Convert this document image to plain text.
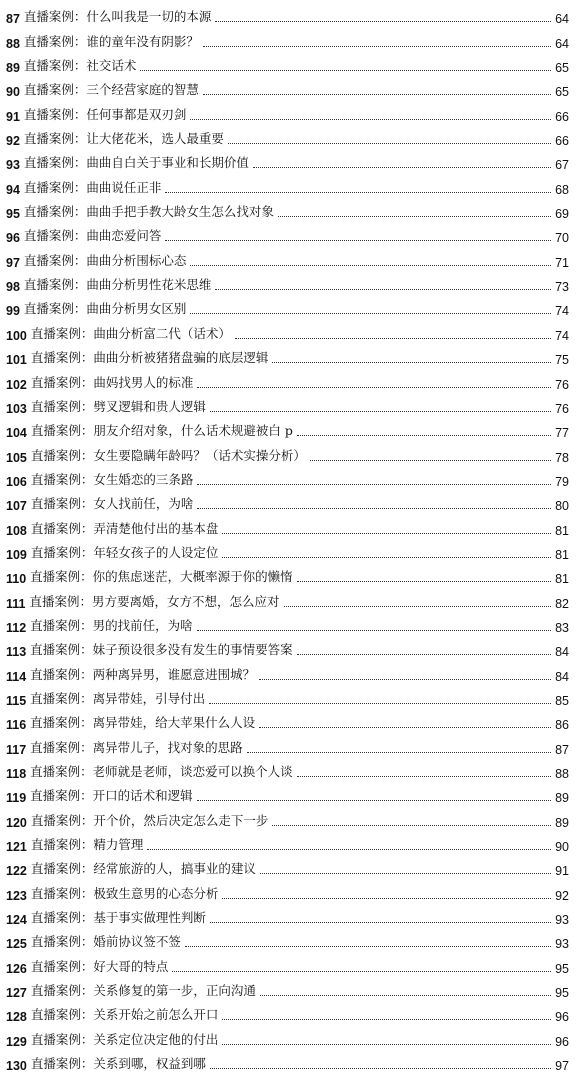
87 直播案例：什么叫我是一切的本源	64
88 直播案例：谁的童年没有阴影？	64
89 直播案例：社交话术	65
90 直播案例：三个经营家庭的智慧	65
91 直播案例：任何事都是双刃剑	66
92 直播案例：让大佬花米，选人最重要	66
93 直播案例：曲曲自白关于事业和长期价值	67
94 直播案例：曲曲说任正非	68
95 直播案例：曲曲手把手教大龄女生怎么找对象	69
96 直播案例：曲曲恋爱问答	70
97 直播案例：曲曲分析围标心态	71
98 直播案例：曲曲分析男性花米思维	73
99 直播案例：曲曲分析男女区别	74
100 直播案例：曲曲分析富二代（话术）	74
101 直播案例：曲曲分析被猪猪盘骗的底层逻辑	75
102 直播案例：曲妈找男人的标准	76
103 直播案例：劈叉逻辑和贵人逻辑	76
104 直播案例：朋友介绍对象，什么话术规避被白 p	77
105 直播案例：女生要隐瞒年龄吗？（话术实操分析）	78
106 直播案例：女生婚恋的三条路	79
107 直播案例：女人找前任，为啥	80
108 直播案例：弄清楚他付出的基本盘	81
109 直播案例：年轻女孩子的人设定位	81
110 直播案例：你的焦虑迷茫，大概率源于你的懒惰	81
111 直播案例：男方要离婚，女方不想，怎么应对	82
112 直播案例：男的找前任，为啥	83
113 直播案例：妹子预设很多没有发生的事情要答案	84
114 直播案例：两种离异男，谁愿意进围城？	84
115 直播案例：离异带娃，引导付出	85
116 直播案例：离异带娃，给大苹果什么人设	86
117 直播案例：离异带儿子，找对象的思路	87
118 直播案例：老师就是老师，谈恋爱可以换个人谈	88
119 直播案例：开口的话术和逻辑	89
120 直播案例：开个价，然后决定怎么走下一步	89
121 直播案例：精力管理	90
122 直播案例：经常旅游的人，搞事业的建议	91
123 直播案例：极致生意男的心态分析	92
124 直播案例：基于事实做理性判断	93
125 直播案例：婚前协议签不签	93
126 直播案例：好大哥的特点	95
127 直播案例：关系修复的第一步，正向沟通	95
128 直播案例：关系开始之前怎么开口	96
129 直播案例：关系定位决定他的付出	96
130 直播案例：关系到哪，权益到哪	97
